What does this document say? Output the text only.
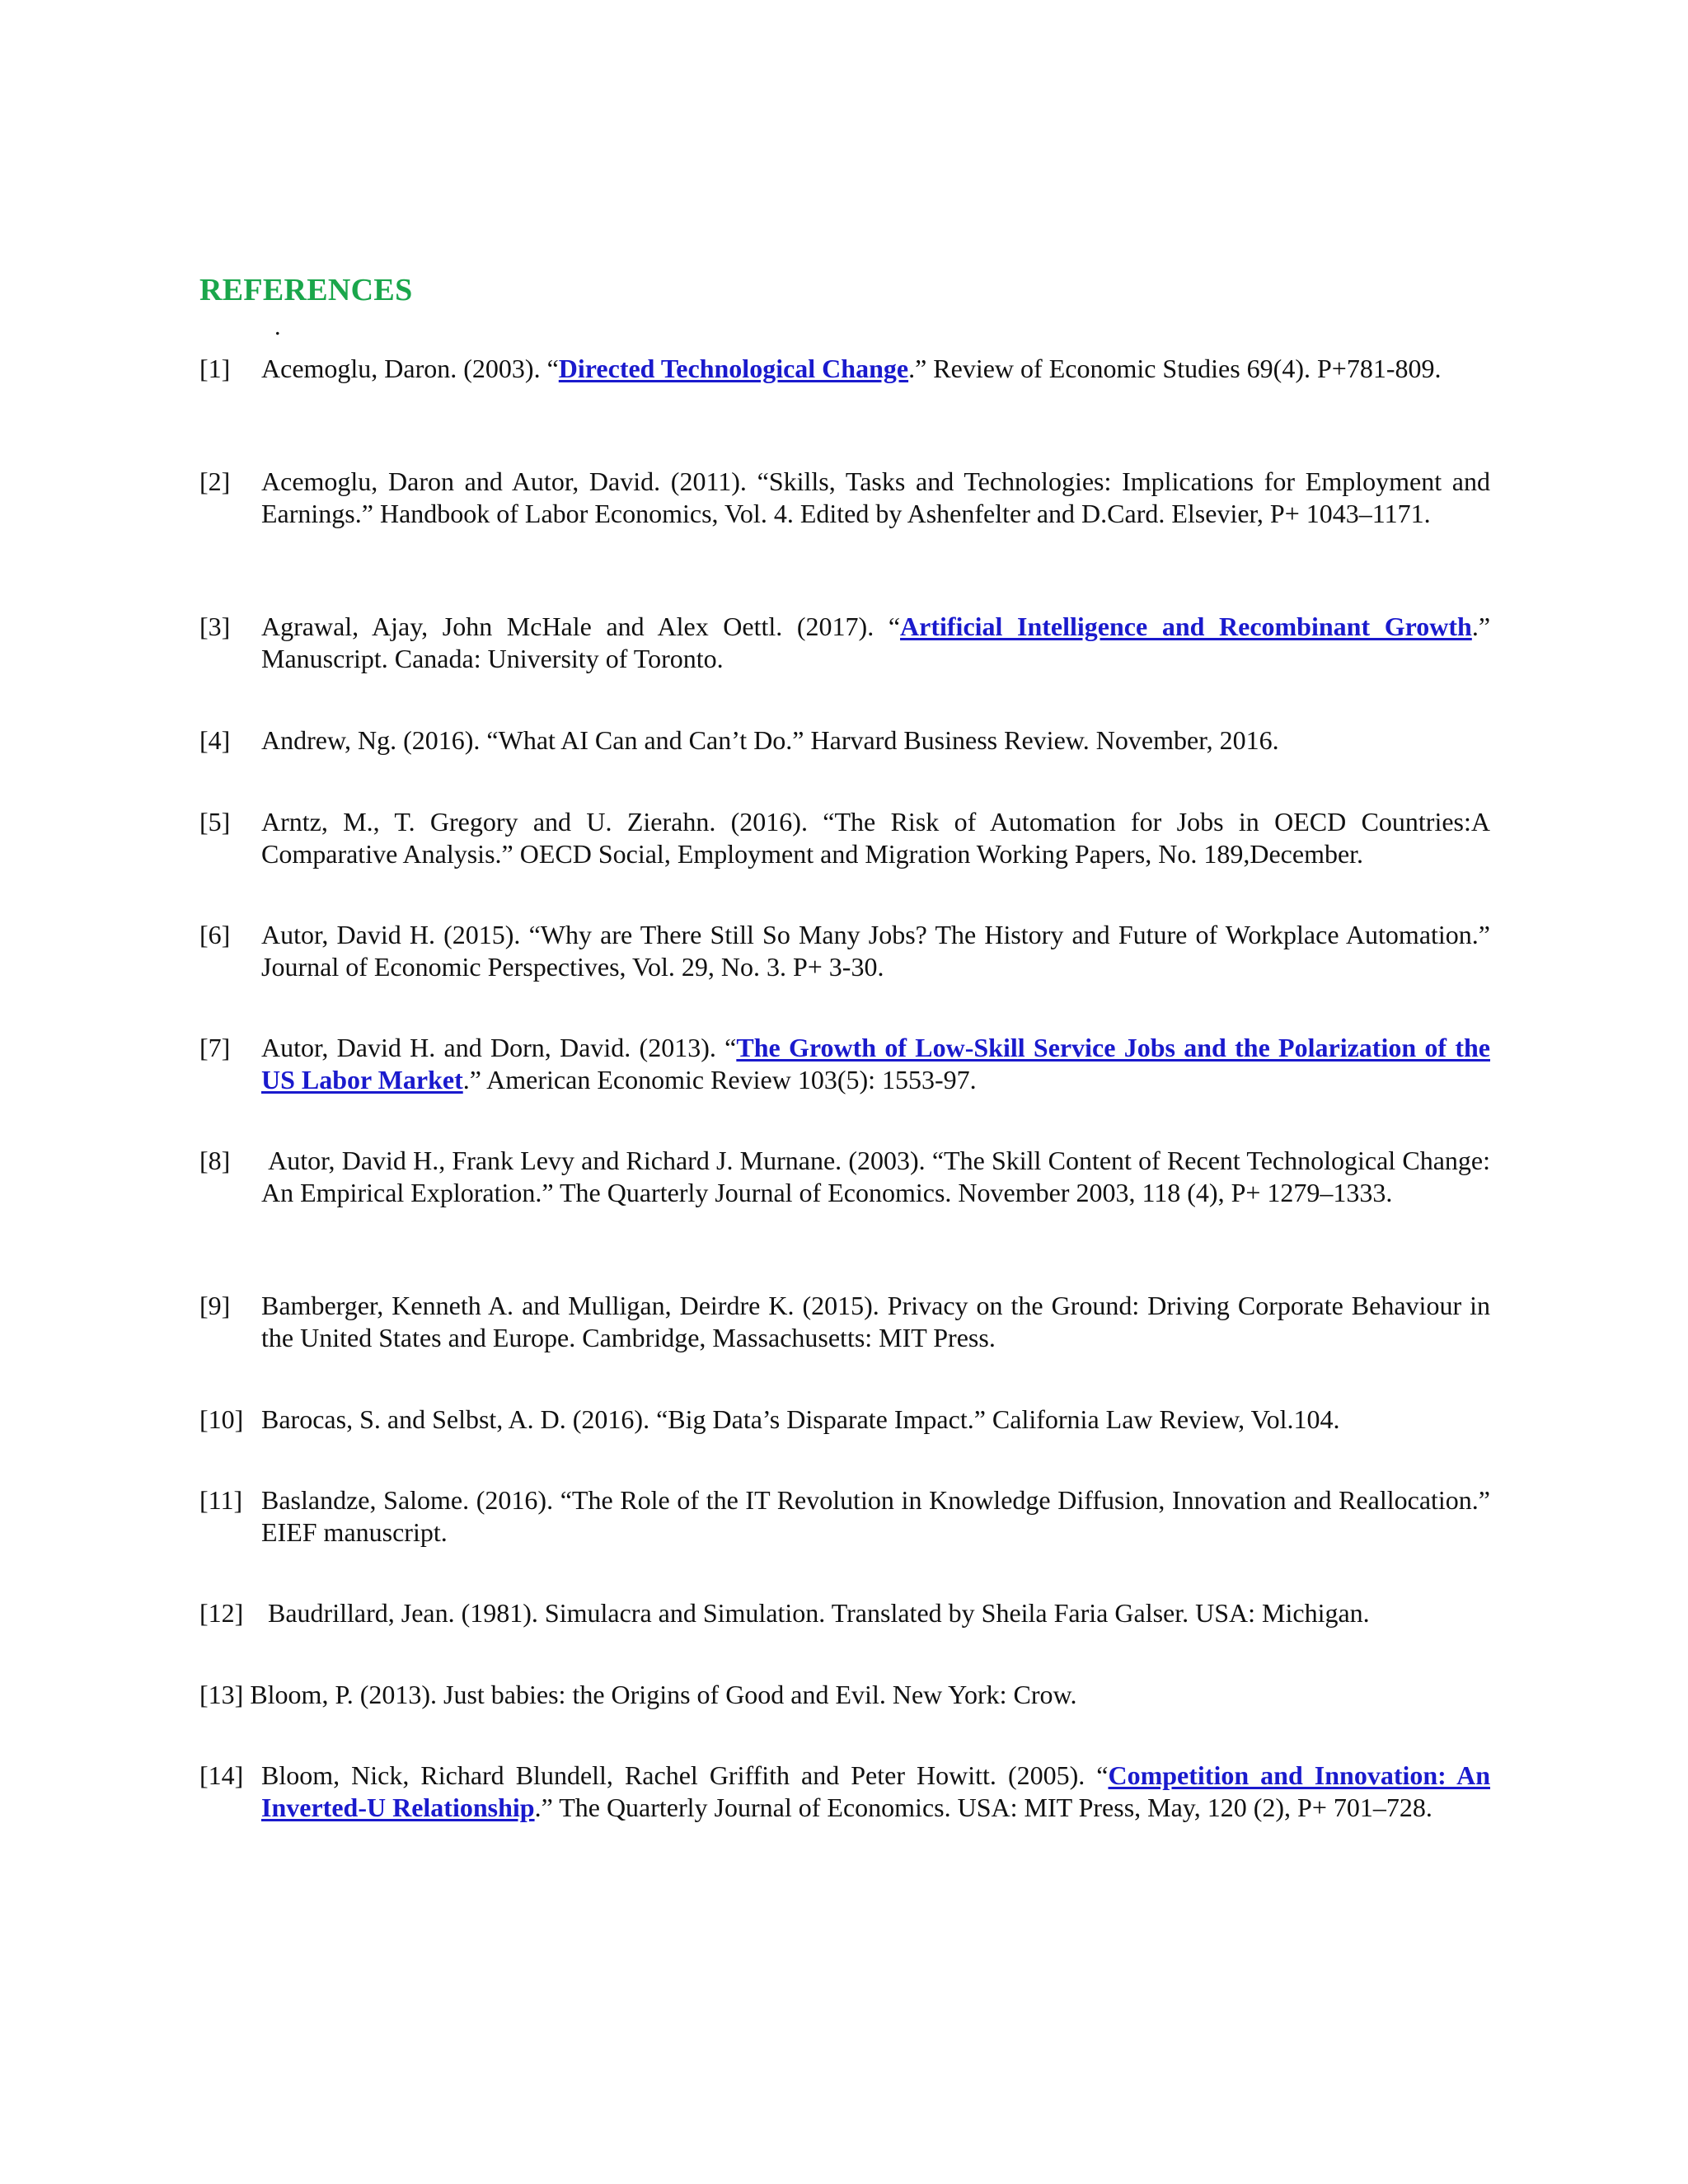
REFERENCES
.
[1] Acemoglu, Daron. (2003). “Directed Technological Change.” Review of Economic Studies 69(4). P+781-809.
[2] Acemoglu, Daron and Autor, David. (2011). “Skills, Tasks and Technologies: Implications for Employment and Earnings.” Handbook of Labor Economics, Vol. 4. Edited by Ashenfelter and D.Card. Elsevier, P+ 1043–1171.
[3] Agrawal, Ajay, John McHale and Alex Oettl. (2017). “Artificial Intelligence and Recombinant Growth.” Manuscript. Canada: University of Toronto.
[4] Andrew, Ng. (2016). “What AI Can and Can’t Do.” Harvard Business Review. November, 2016.
[5] Arntz, M., T. Gregory and U. Zierahn. (2016). “The Risk of Automation for Jobs in OECD Countries:A Comparative Analysis.” OECD Social, Employment and Migration Working Papers, No. 189,December.
[6] Autor, David H. (2015). “Why are There Still So Many Jobs? The History and Future of Workplace Automation.” Journal of Economic Perspectives, Vol. 29, No. 3. P+ 3-30.
[7] Autor, David H. and Dorn, David. (2013). “The Growth of Low-Skill Service Jobs and the Polarization of the US Labor Market.” American Economic Review 103(5): 1553-97.
[8] Autor, David H., Frank Levy and Richard J. Murnane. (2003). “The Skill Content of Recent Technological Change: An Empirical Exploration.” The Quarterly Journal of Economics. November 2003, 118 (4), P+ 1279–1333.
[9] Bamberger, Kenneth A. and Mulligan, Deirdre K. (2015). Privacy on the Ground: Driving Corporate Behaviour in the United States and Europe. Cambridge, Massachusetts: MIT Press.
[10] Barocas, S. and Selbst, A. D. (2016). “Big Data’s Disparate Impact.” California Law Review, Vol.104.
[11] Baslandze, Salome. (2016). “The Role of the IT Revolution in Knowledge Diffusion, Innovation and Reallocation.” EIEF manuscript.
[12] Baudrillard, Jean. (1981). Simulacra and Simulation. Translated by Sheila Faria Galser. USA: Michigan.
[13] Bloom, P. (2013). Just babies: the Origins of Good and Evil. New York: Crow.
[14] Bloom, Nick, Richard Blundell, Rachel Griffith and Peter Howitt. (2005). “Competition and Innovation: An Inverted-U Relationship.” The Quarterly Journal of Economics. USA: MIT Press, May, 120 (2), P+ 701–728.
